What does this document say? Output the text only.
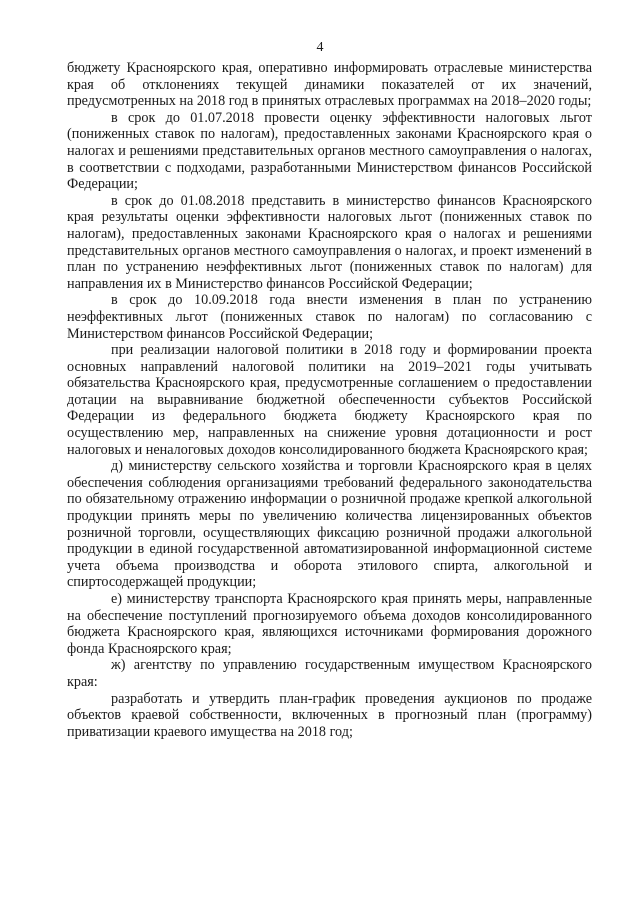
4

бюджету Красноярского края, оперативно информировать отраслевые министерства края об отклонениях текущей динамики показателей от их значений, предусмотренных на 2018 год в принятых отраслевых программах на 2018–2020 годы;

в срок до 01.07.2018 провести оценку эффективности налоговых льгот (пониженных ставок по налогам), предоставленных законами Красноярского края о налогах и решениями представительных органов местного самоуправления о налогах, в соответствии с подходами, разработанными Министерством финансов Российской Федерации;

в срок до 01.08.2018 представить в министерство финансов Красноярского края результаты оценки эффективности налоговых льгот (пониженных ставок по налогам), предоставленных законами Красноярского края о налогах и решениями представительных органов местного самоуправления о налогах, и проект изменений в план по устранению неэффективных льгот (пониженных ставок по налогам) для направления их в Министерство финансов Российской Федерации;

в срок до 10.09.2018 года внести изменения в план по устранению неэффективных льгот (пониженных ставок по налогам) по согласованию с Министерством финансов Российской Федерации;

при реализации налоговой политики в 2018 году и формировании проекта основных направлений налоговой политики на 2019–2021 годы учитывать обязательства Красноярского края, предусмотренные соглашением о предоставлении дотации на выравнивание бюджетной обеспеченности субъектов Российской Федерации из федерального бюджета бюджету Красноярского края по осуществлению мер, направленных на снижение уровня дотационности и рост налоговых и неналоговых доходов консолидированного бюджета Красноярского края;

д) министерству сельского хозяйства и торговли Красноярского края в целях обеспечения соблюдения организациями требований федерального законодательства по обязательному отражению информации о розничной продаже крепкой алкогольной продукции принять меры по увеличению количества лицензированных объектов розничной торговли, осуществляющих фиксацию розничной продажи алкогольной продукции в единой государственной автоматизированной информационной системе учета объема производства и оборота этилового спирта, алкогольной и спиртосодержащей продукции;

е) министерству транспорта Красноярского края принять меры, направленные на обеспечение поступлений прогнозируемого объема доходов консолидированного бюджета Красноярского края, являющихся источниками формирования дорожного фонда Красноярского края;

ж) агентству по управлению государственным имуществом Красноярского края:

разработать и утвердить план-график проведения аукционов по продаже объектов краевой собственности, включенных в прогнозный план (программу) приватизации краевого имущества на 2018 год;
